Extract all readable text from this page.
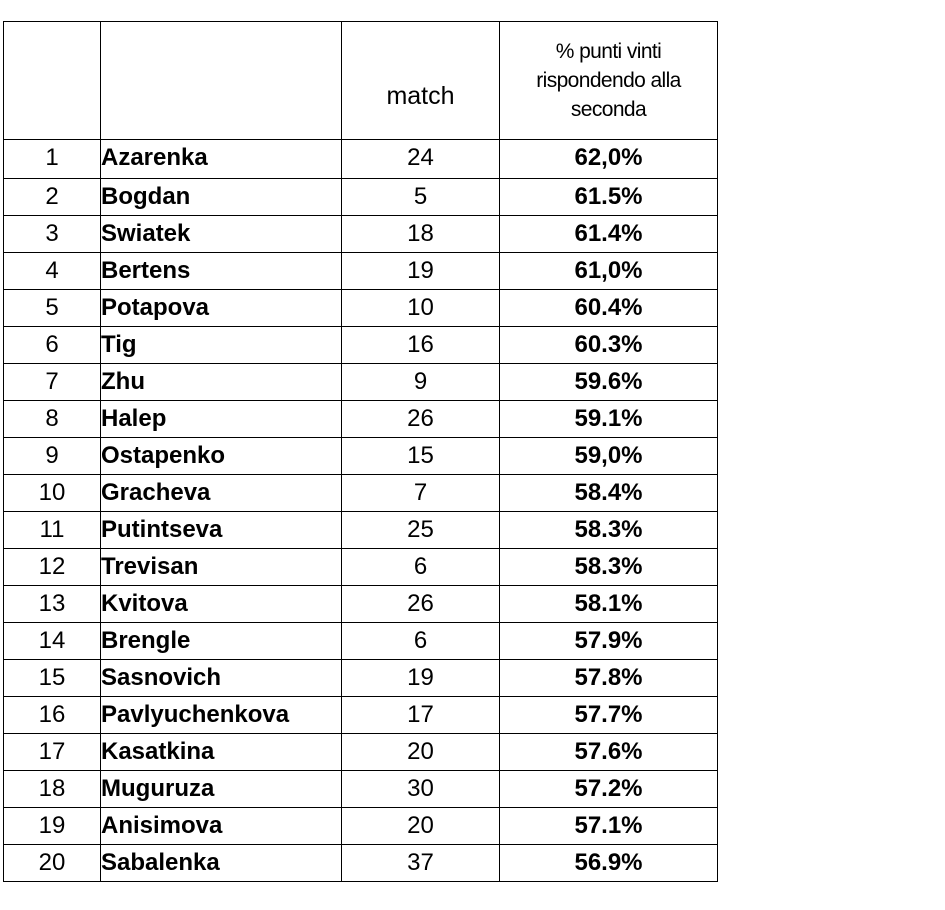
		match	% punti vinti rispondendo alla seconda
1	Azarenka	24	62,0%
2	Bogdan	5	61.5%
3	Swiatek	18	61.4%
4	Bertens	19	61,0%
5	Potapova	10	60.4%
6	Tig	16	60.3%
7	Zhu	9	59.6%
8	Halep	26	59.1%
9	Ostapenko	15	59,0%
10	Gracheva	7	58.4%
11	Putintseva	25	58.3%
12	Trevisan	6	58.3%
13	Kvitova	26	58.1%
14	Brengle	6	57.9%
15	Sasnovich	19	57.8%
16	Pavlyuchenkova	17	57.7%
17	Kasatkina	20	57.6%
18	Muguruza	30	57.2%
19	Anisimova	20	57.1%
20	Sabalenka	37	56.9%
